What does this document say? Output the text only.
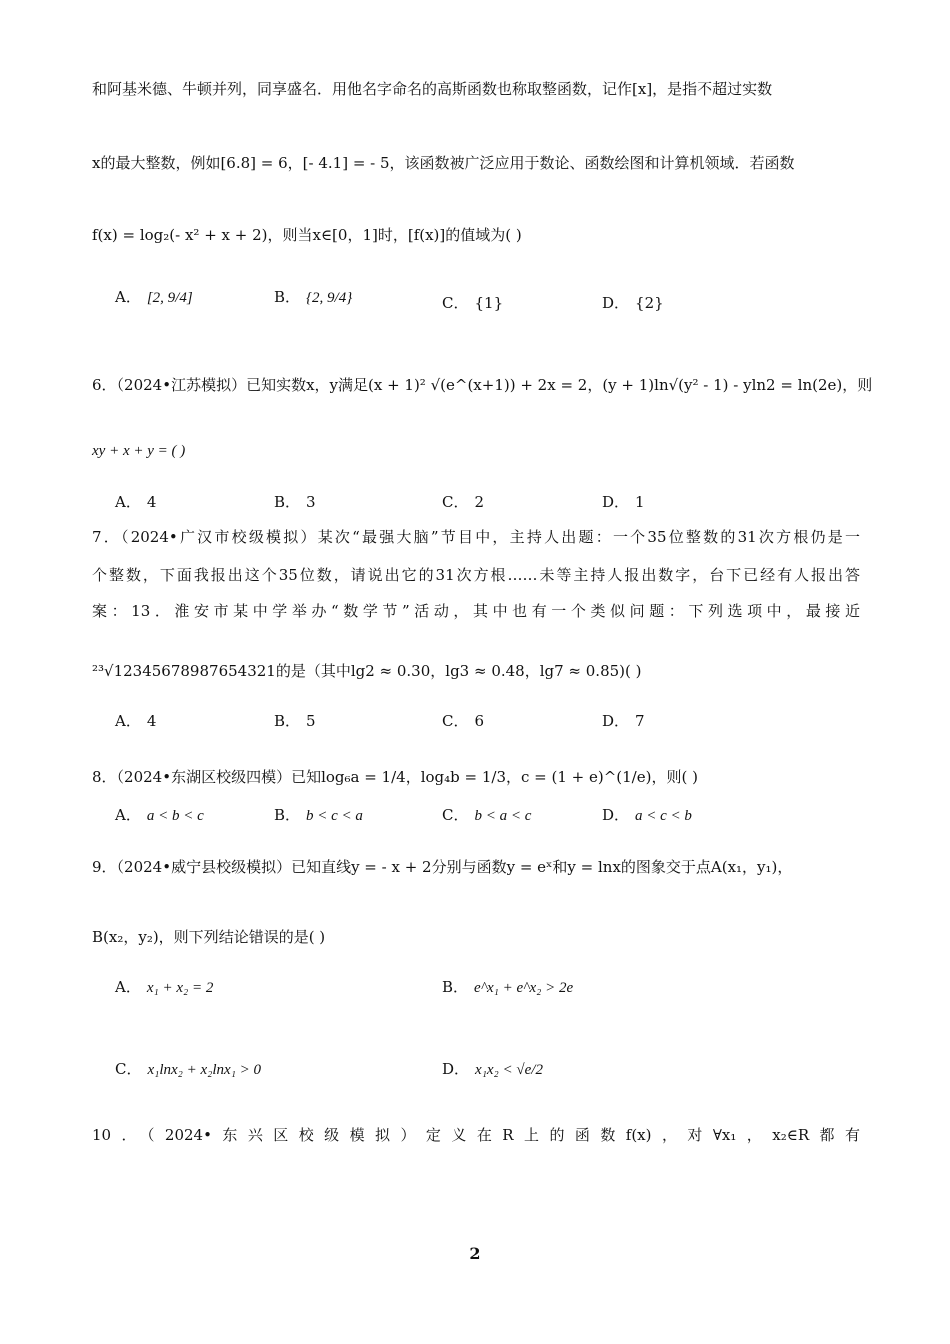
和阿基米德、牛顿并列，同享盛名．用他名字命名的高斯函数也称取整函数，记作[x]，是指不超过实数
x的最大整数，例如[6.8] = 6，[- 4.1] = - 5，该函数被广泛应用于数论、函数绘图和计算机领域．若函数
f(x) = log₂(- x² + x + 2)，则当x∈[0，1]时，[f(x)]的值域为( )
A． [2, 9/4]	B． {2, 9/4}	C． {1}	D． {2}
6．（2024•江苏模拟）已知实数x，y满足(x + 1)² √(e^(x+1)) + 2x = 2，(y + 1)ln√(y² - 1) - yln2 = ln(2e)，则
xy + x + y = ( )
A． 4	B． 3	C． 2	D． 1
7．（2024•广汉市校级模拟）某次“最强大脑”节目中，主持人出题：一个35位整数的31次方根仍是一
个整数，下面我报出这个35位数，请说出它的31次方根……未等主持人报出数字，台下已经有人报出答
案：13．淮安市某中学举办“数学节”活动，其中也有一个类似问题：下列选项中，最接近
²³√12345678987654321的是（其中lg2 ≈ 0.30，lg3 ≈ 0.48，lg7 ≈ 0.85)( )
A． 4	B． 5	C． 6	D． 7
8．（2024•东湖区校级四模）已知log₆a = 1/4，log₄b = 1/3，c = (1 + e)^(1/e)，则( )
A． a < b < c	B． b < c < a	C． b < a < c	D． a < c < b
9．（2024•威宁县校级模拟）已知直线y = - x + 2分别与函数y = eˣ和y = lnx的图象交于点A(x₁，y₁)，
B(x₂，y₂)，则下列结论错误的是( )
A． x₁ + x₂ = 2	B． e^x₁ + e^x₂ > 2e
C． x₁lnx₂ + x₂lnx₁ > 0	D． x₁x₂ < √e/2
10．（2024•东兴区校级模拟）定义在R上的函数f(x)，对∀x₁，x₂∈R都有
2
